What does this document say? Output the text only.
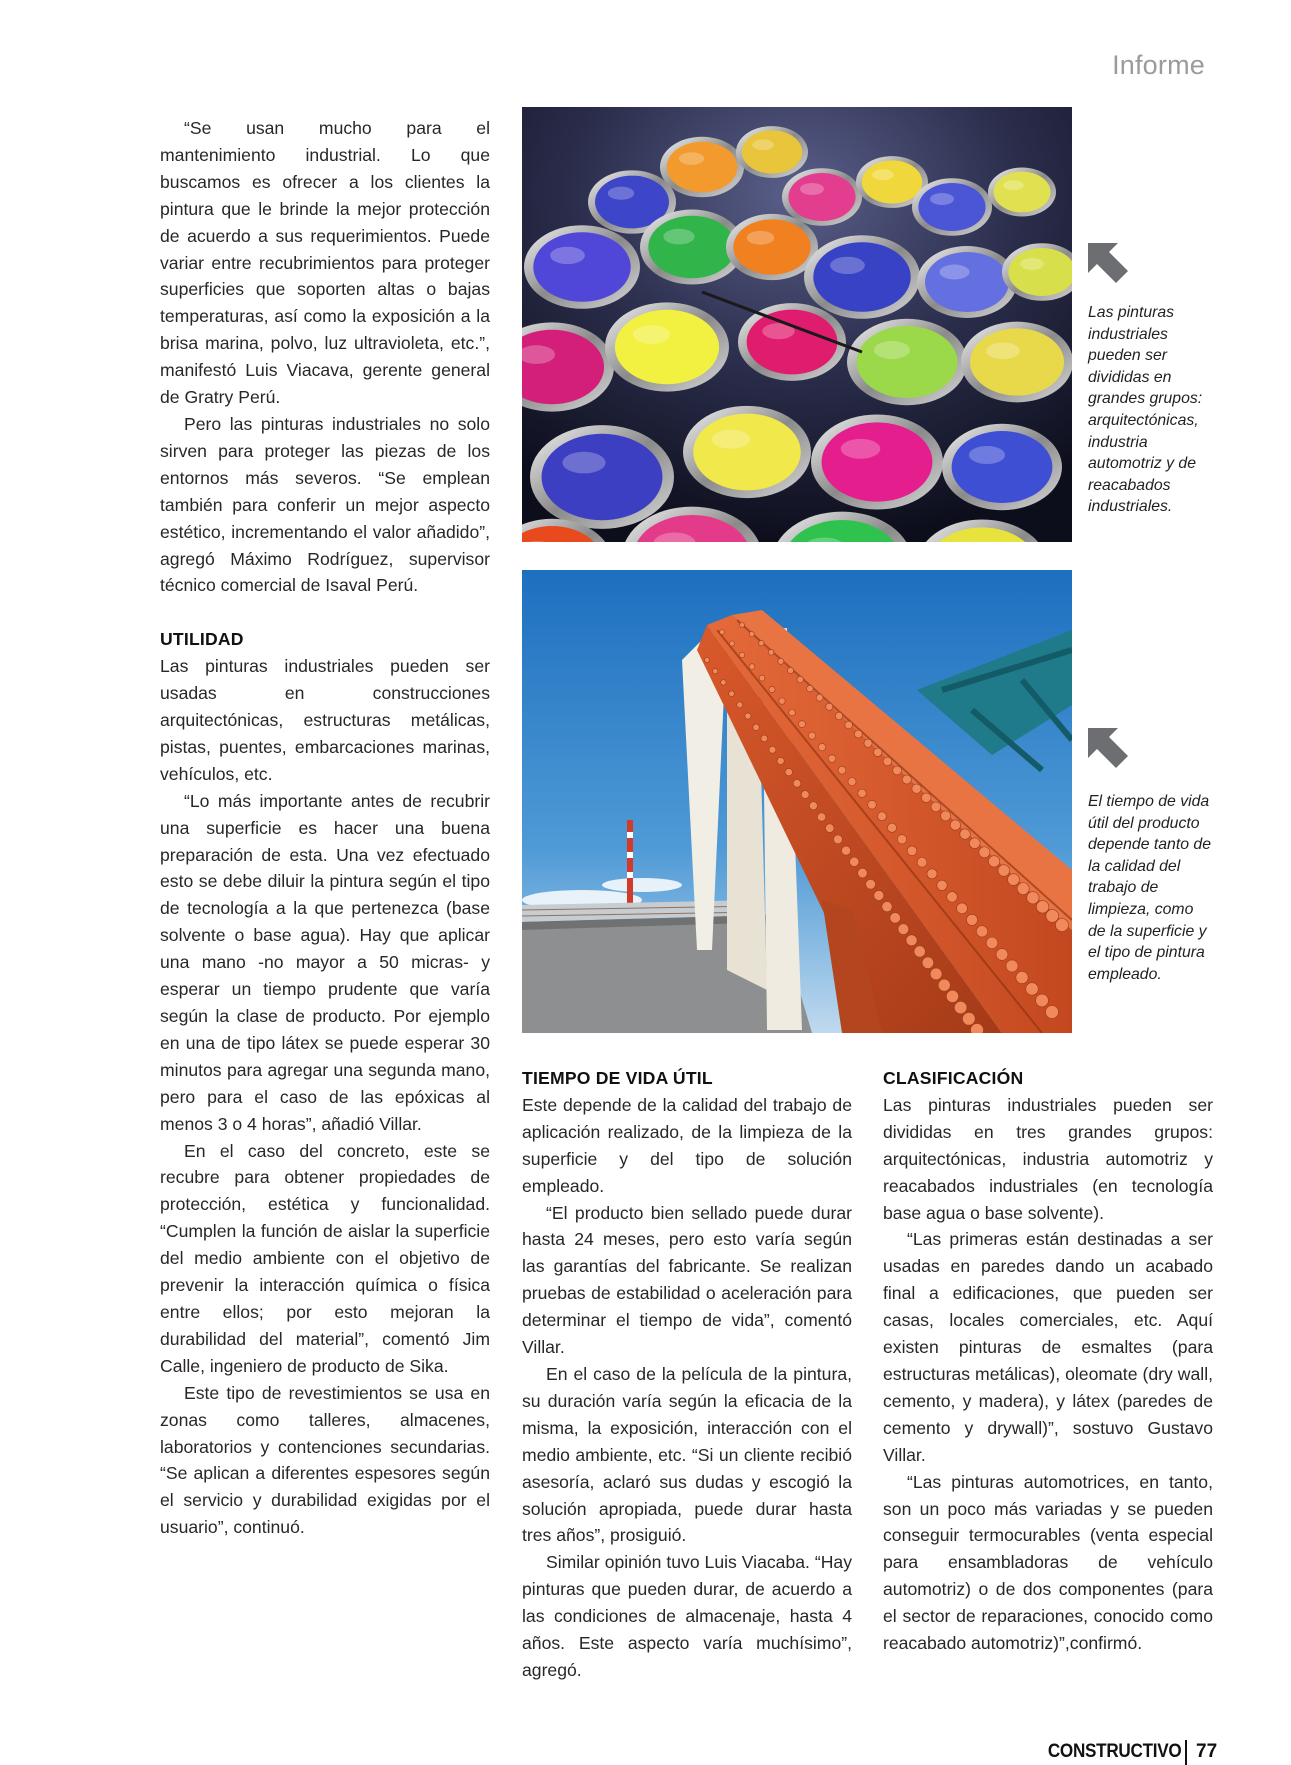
Informe

“Se usan mucho para el mantenimiento industrial. Lo que buscamos es ofrecer a los clientes la pintura que le brinde la mejor protección de acuerdo a sus requerimientos. Puede variar entre recubrimientos para proteger superficies que soporten altas o bajas temperaturas, así como la exposición a la brisa marina, polvo, luz ultravioleta, etc.”, manifestó Luis Viacava, gerente general de Gratry Perú.

Pero las pinturas industriales no solo sirven para proteger las piezas de los entornos más severos. “Se emplean también para conferir un mejor aspecto estético, incrementando el valor añadido”, agregó Máximo Rodríguez, supervisor técnico comercial de Isaval Perú.

UTILIDAD

Las pinturas industriales pueden ser usadas en construcciones arquitectónicas, estructuras metálicas, pistas, puentes, embarcaciones marinas, vehículos, etc.

“Lo más importante antes de recubrir una superficie es hacer una buena preparación de esta. Una vez efectuado esto se debe diluir la pintura según el tipo de tecnología a la que pertenezca (base solvente o base agua). Hay que aplicar una mano -no mayor a 50 micras- y esperar un tiempo prudente que varía según la clase de producto. Por ejemplo en una de tipo látex se puede esperar 30 minutos para agregar una segunda mano, pero para el caso de las epóxicas al menos 3 o 4 horas”, añadió Villar.

En el caso del concreto, este se recubre para obtener propiedades de protección, estética y funcionalidad. “Cumplen la función de aislar la superficie del medio ambiente con el objetivo de prevenir la interacción química o física entre ellos; por esto mejoran la durabilidad del material”, comentó Jim Calle, ingeniero de producto de Sika.

Este tipo de revestimientos se usa en zonas como talleres, almacenes, laboratorios y contenciones secundarias. “Se aplican a diferentes espesores según el servicio y durabilidad exigidas por el usuario”, continuó.

Las pinturas industriales pueden ser divididas en grandes grupos: arquitectónicas, industria automotriz y de reacabados industriales.
El tiempo de vida útil del producto depende tanto de la calidad del trabajo de limpieza, como de la superficie y el tipo de pintura empleado.
TIEMPO DE VIDA ÚTIL

Este depende de la calidad del trabajo de aplicación realizado, de la limpieza de la superficie y del tipo de solución empleado.

“El producto bien sellado puede durar hasta 24 meses, pero esto varía según las garantías del fabricante. Se realizan pruebas de estabilidad o aceleración para determinar el tiempo de vida”, comentó Villar.

En el caso de la película de la pintura, su duración varía según la eficacia de la misma, la exposición, interacción con el medio ambiente, etc. “Si un cliente recibió asesoría, aclaró sus dudas y escogió la solución apropiada, puede durar hasta tres años”, prosiguió.

Similar opinión tuvo Luis Viacaba. “Hay pinturas que pueden durar, de acuerdo a las condiciones de almacenaje, hasta 4 años. Este aspecto varía muchísimo”, agregó.

CLASIFICACIÓN

Las pinturas industriales pueden ser divididas en tres grandes grupos: arquitectónicas, industria automotriz y reacabados industriales (en tecnología base agua o base solvente).

“Las primeras están destinadas a ser usadas en paredes dando un acabado final a edificaciones, que pueden ser casas, locales comerciales, etc. Aquí existen pinturas de esmaltes (para estructuras metálicas), oleomate (dry wall, cemento, y madera), y látex (paredes de cemento y drywall)”, sostuvo Gustavo Villar.

“Las pinturas automotrices, en tanto, son un poco más variadas y se pueden conseguir termocurables (venta especial para ensambladoras de vehículo automotriz) o de dos componentes (para el sector de reparaciones, conocido como reacabado automotriz)”,confirmó.

CONSTRUCTIVO 77
